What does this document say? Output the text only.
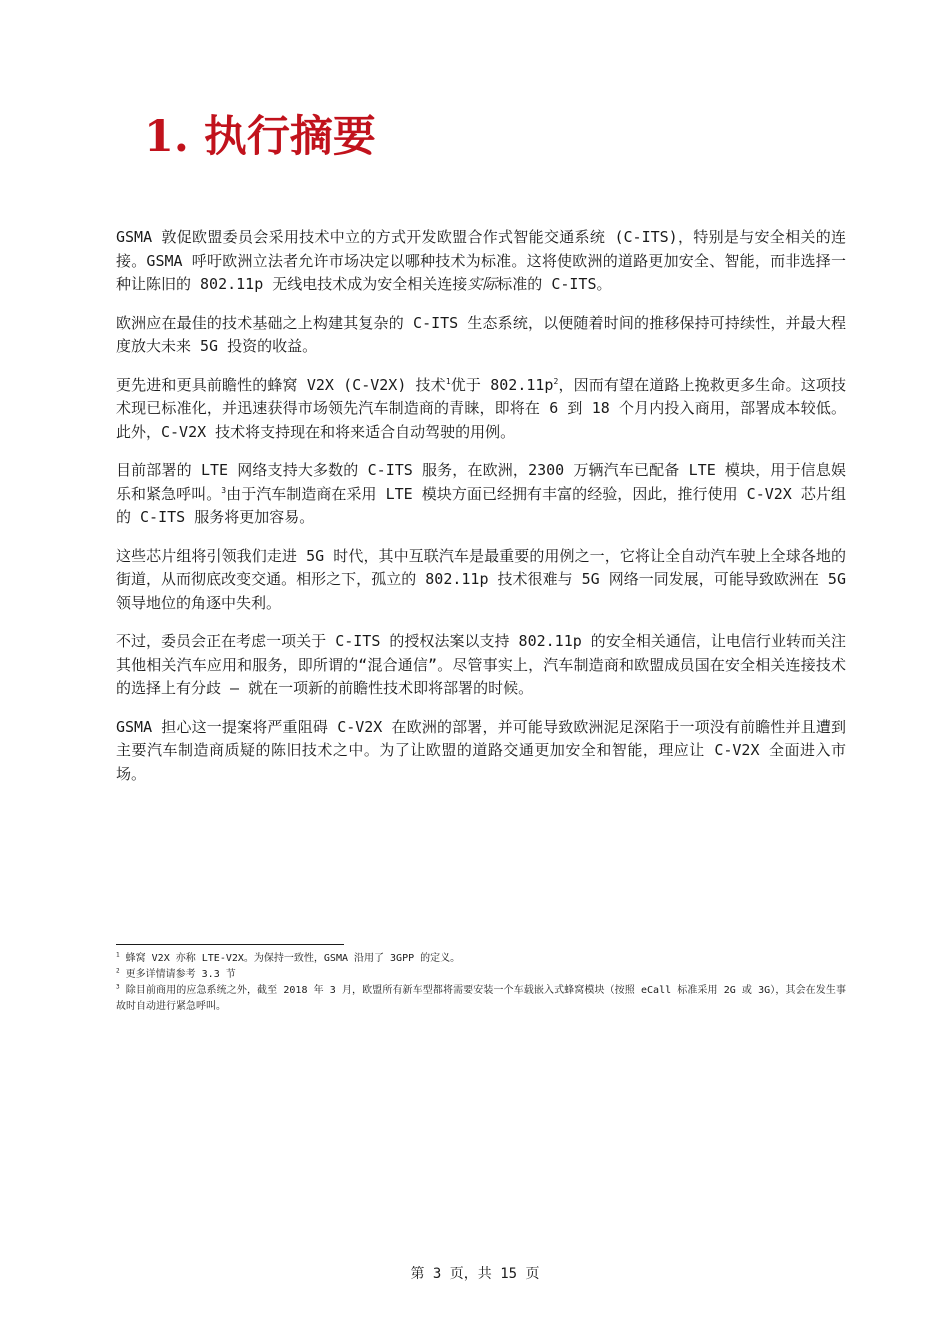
1. 执行摘要

GSMA 敦促欧盟委员会采用技术中立的方式开发欧盟合作式智能交通系统 (C-ITS)，特别是与安全相关的连接。GSMA 呼吁欧洲立法者允许市场决定以哪种技术为标准。这将使欧洲的道路更加安全、智能，而非选择一种让陈旧的 802.11p 无线电技术成为安全相关连接实际标准的 C-ITS。

欧洲应在最佳的技术基础之上构建其复杂的 C-ITS 生态系统，以便随着时间的推移保持可持续性，并最大程度放大未来 5G 投资的收益。

更先进和更具前瞻性的蜂窝 V2X (C-V2X) 技术$^1$优于 $802.11p^2$，因而有望在道路上挽救更多生命。这项技术现已标准化，并迅速获得市场领先汽车制造商的青睐，即将在 6 到 18 个月内投入商用，部署成本较低。此外，C-V2X 技术将支持现在和将来适合自动驾驶的用例。

目前部署的 LTE 网络支持大多数的 C-ITS 服务，在欧洲，2300 万辆汽车已配备 LTE 模块，用于信息娱乐和紧急呼叫。$^3$由于汽车制造商在采用 LTE 模块方面已经拥有丰富的经验，因此，推行使用 C-V2X 芯片组的 C-ITS 服务将更加容易。

这些芯片组将引领我们走进 5G 时代，其中互联汽车是最重要的用例之一，它将让全自动汽车驶上全球各地的街道，从而彻底改变交通。相形之下，孤立的 802.11p 技术很难与 5G 网络一同发展，可能导致欧洲在 5G 领导地位的角逐中失利。

不过，委员会正在考虑一项关于 C-ITS 的授权法案以支持 802.11p 的安全相关通信，让电信行业转而关注其他相关汽车应用和服务，即所谓的“混合通信”。尽管事实上，汽车制造商和欧盟成员国在安全相关连接技术的选择上有分歧 – 就在一项新的前瞻性技术即将部署的时候。

GSMA 担心这一提案将严重阻碍 C-V2X 在欧洲的部署，并可能导致欧洲泥足深陷于一项没有前瞻性并且遭到主要汽车制造商质疑的陈旧技术之中。为了让欧盟的道路交通更加安全和智能，理应让 C-V2X 全面进入市场。

$^1$ 蜂窝 V2X 亦称 LTE-V2X。为保持一致性，GSMA 沿用了 3GPP 的定义。

$^2$ 更多详情请参考 3.3 节

$^3$ 除目前商用的应急系统之外，截至 2018 年 3 月，欧盟所有新车型都将需要安装一个车载嵌入式蜂窝模块（按照 eCall 标准采用 2G 或 3G），其会在发生事故时自动进行紧急呼叫。

第 3 页，共 15 页
